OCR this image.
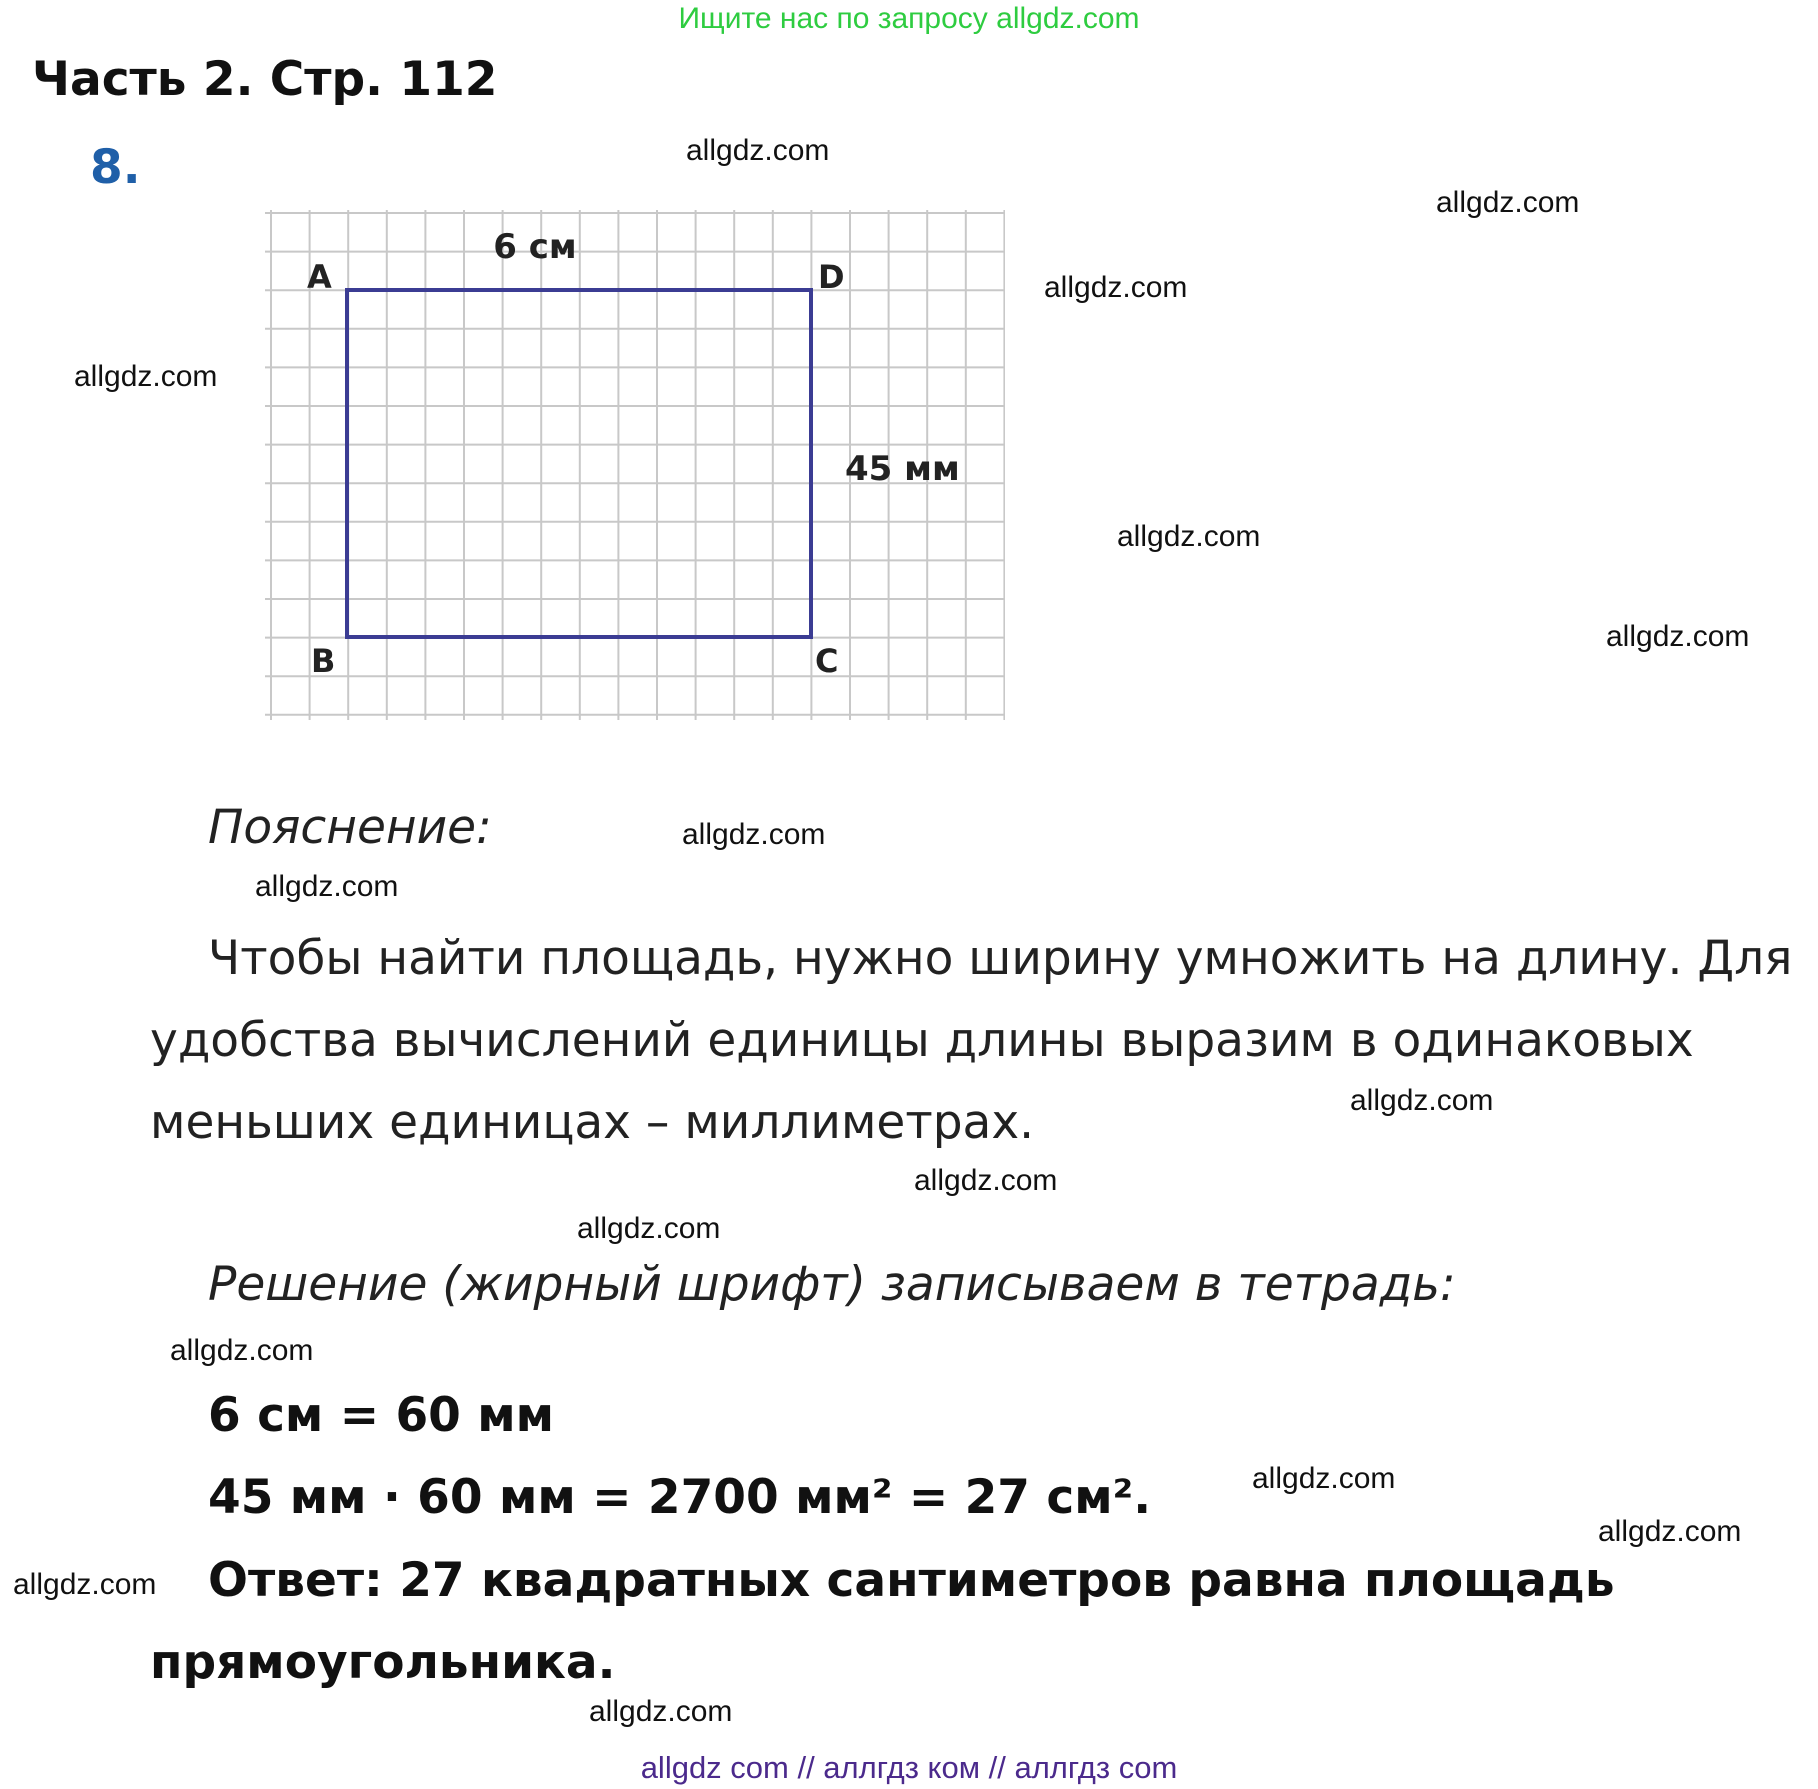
Ищите нас по запросу allgdz.com
Часть 2. Стр. 112
8.
6 см
45 мм
A	D
B	C
Пояснение:
Чтобы найти площадь, нужно ширину умножить на длину. Для
удобства вычислений единицы длины выразим в одинаковых
меньших единицах – миллиметрах.
Решение (жирный шрифт) записываем в тетрадь:
6 см = 60 мм
45 мм · 60 мм = 2700 мм² = 27 см².
Ответ: 27 квадратных сантиметров равна площадь
прямоугольника.
allgdz.com
allgdz.com
allgdz.com
allgdz.com
allgdz.com
allgdz.com
allgdz.com
allgdz.com
allgdz.com
allgdz.com
allgdz.com
allgdz.com
allgdz.com
allgdz.com
allgdz.com
allgdz.com
allgdz com // аллгдз ком // аллгдз com
